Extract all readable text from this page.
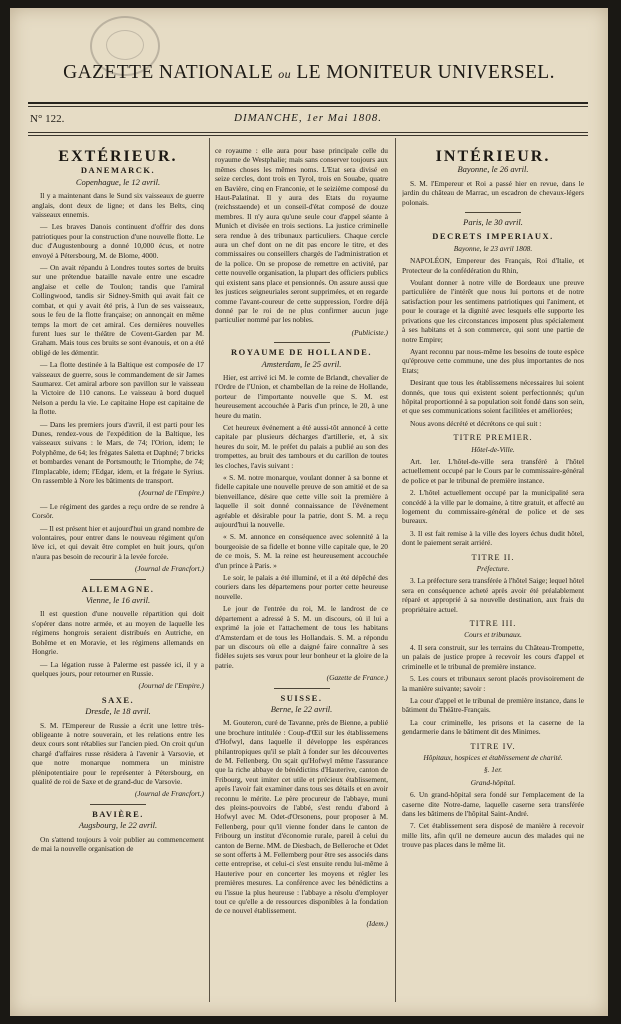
GAZETTE NATIONALE ou LE MONITEUR UNIVERSEL.
N° 122.	DIMANCHE, 1er Mai 1808.
EXTÉRIEUR.
DANEMARCK.
Copenhague, le 12 avril.

Il y a maintenant dans le Sund six vaisseaux de guerre anglais, dont deux de ligne; et dans les Belts, cinq vaisseaux ennemis.

— Les braves Danois continuent d'offrir des dons patriotiques pour la construction d'une nouvelle flotte. Le duc d'Augustenbourg a donné 10,000 écus, et notre envoyé à Pétersbourg, M. de Blome, 4000.

— On avait répandu à Londres toutes sortes de bruits sur une prétendue bataille navale entre une escadre anglaise et celle de Toulon; tandis que l'amiral Collingwood, tandis sir Sidney-Smith qui avait fait ce combat, et qui y avait été pris, à l'un de ses vaisseaux, sous le feu de la flotte française; on annonçait en même temps la mort de cet amiral. Ces dernières nouvelles furent lues sur le théâtre de Covent-Garden par M. Graham. Mais tous ces bruits se sont évanouis, et on a été obligé de les démentir.

— La flotte destinée à la Baltique est composée de 17 vaisseaux de guerre, sous le commandement de sir James Saumarez. Cet amiral arbore son pavillon sur le vaisseau la Victoire de 110 canons. Le vaisseau à bord duquel Nelson a perdu la vie. Le capitaine Hope est capitaine de la flotte.

— Dans les premiers jours d'avril, il est parti pour les Dunes, rendez-vous de l'expédition de la Baltique, les vaisseaux suivans : le Mars, de 74; l'Orion, idem; le Polyphême, de 64; les frégates Saletta et Daphné; 7 bricks et bombardes venant de Portsmouth; le Triomphe, de 74; l'Implacable, idem; l'Edgar, idem, et la frégate le Syrius. On rassemble à Nore les bâtiments de transport.

(Journal de l'Empire.)

— Le régiment des gardes a reçu ordre de se rendre à Corsör.

— Il est présent hier et aujourd'hui un grand nombre de volontaires, pour entrer dans le nouveau régiment qu'on lève ici, et qui devait être complet en huit jours, qu'on n'aura pas besoin de recourir à la levée forcée.

(Journal de Francfort.)
ALLEMAGNE.
Vienne, le 16 avril.

Il est question d'une nouvelle répartition qui doit s'opérer dans notre armée, et au moyen de laquelle les régimens hongrois seraient distribués en Autriche, en Bohême et en Moravie, et les régimens allemands en Hongrie.

— La légation russe à Palerme est passée ici, il y a quelques jours, pour retourner en Russie.

(Journal de l'Empire.)
SAXE.
Dresde, le 18 avril.

S. M. l'Empereur de Russie a écrit une lettre très-obligeante à notre souverain, et les relations entre les deux cours sont rétablies sur l'ancien pied. On croit qu'un chargé d'affaires russe résidera à l'avenir à Varsovie, et que notre monarque nommera un ministre plénipotentiaire pour le représenter à Pétersbourg, en qualité de roi de Saxe et de grand-duc de Varsovie.

(Journal de Francfort.)
BAVIÈRE.
Augsbourg, le 22 avril.

On s'attend toujours à voir publier au commencement de mai la nouvelle organisation de

ce royaume : elle aura pour base principale celle du royaume de Westphalie; mais sans conserver toujours aux mêmes choses les mêmes noms. L'Etat sera divisé en seize cercles, dont trois en Tyrol, trois en Souabe, quatre en Bavière, cinq en Franconie, et le seizième composé du Haut-Palatinat. Il y aura des Etats du royaume (reichsstaende) et un conseil-d'état composé de douze membres. Il n'y aura qu'une seule cour d'appel séante à Munich et divisée en trois sections. La justice criminelle sera rendue à des tribunaux particuliers. Chaque cercle aura un chef dont on ne dit pas encore le titre, et des commissaires ou conseillers chargés de l'administration et de la police. On se propose de remettre en activité, par cette nouvelle organisation, la plupart des officiers publics qui existent sans place et pensionnés. On assure aussi que les justices seigneuriales seront supprimées, et en regarde comme l'avant-coureur de cette suppression, l'ordre déjà donné par le roi de ne plus confirmer aucun juge particulier nommé par les nobles.

(Publiciste.)
ROYAUME DE HOLLANDE.
Amsterdam, le 25 avril.

Hier, est arrivé ici M. le comte de Brlandt, chevalier de l'Ordre de l'Union, et chambellan de la reine de Hollande, porteur de l'importante nouvelle que S. M. est heureusement accouchée à Paris d'un prince, le 20, à une heure du matin.

Cet heureux événement a été aussi-tôt annoncé à cette capitale par plusieurs décharges d'artillerie, et, à six heures du soir, M. le préfet du palais a publié au son des trompettes, au bruit des tambours et du carillon de toutes les cloches, l'avis suivant :

« S. M. notre monarque, voulant donner à sa bonne et fidelle capitale une nouvelle preuve de son amitié et de sa bienveillance, désire que cette ville soit la première à laquelle il soit donné connaissance de l'événement agréable et désirable pour la patrie, dont S. M. a reçu aujourd'hui la nouvelle.

« S. M. annonce en conséquence avec solennité à la bourgeoisie de sa fidelle et bonne ville capitale que, le 20 de ce mois, S. M. la reine est heureusement accouchée d'un prince à Paris. »

Le soir, le palais a été illuminé, et il a été dépêché des couriers dans les départemens pour porter cette heureuse nouvelle.

Le jour de l'entrée du roi, M. le landrost de ce département a adressé à S. M. un discours, où il lui a exprimé la joie et l'attachement de tous les habitans d'Amsterdam et de tous les Hollandais. S. M. a répondu par un discours où elle a daigné faire connaître à ses fidèles sujets ses vœux pour leur bonheur et la gloire de la patrie.

(Gazette de France.)
SUISSE.
Berne, le 22 avril.

M. Gouteron, curé de Tavanne, près de Bienne, a publié une brochure intitulée : Coup-d'Œil sur les établissemens d'Hofwyl, dans laquelle il développe les espérances philantropiques qu'il se plaît à fonder sur les découvertes de M. Fellenberg. On sçait qu'Hofwyl même l'assurance que la riche abbaye de bénédictins d'Hauterive, canton de Fribourg, veut imiter cet utile et précieux établissement, après l'avoir fait examiner dans tous ses détails et en avoir reconnu le mérite. Le père procureur de l'abbaye, muni des pleins-pouvoirs de l'abbé, s'est rendu d'abord à Hofwyl avec M. Odet-d'Orsonens, pour proposer à M. Fellenberg, pour qu'il vienne fonder dans le canton de Fribourg un institut d'économie rurale, pareil à celui du canton de Berne. MM. de Diesbach, de Belleroche et Odet se sont offerts à M. Fellemberg pour être ses associés dans cette entreprise, et celui-ci s'est ensuite rendu lui-même à Hauterive pour en concerter les moyens et régler les premières mesures. La conférence avec les bénédictins a eu l'issue la plus heureuse : l'abbaye a résolu d'employer tout ce qu'elle a de ressources disponibles à la fondation de ce nouvel établissement.

(Idem.)
INTÉRIEUR.
Bayonne, le 26 avril.

S. M. l'Empereur et Roi a passé hier en revue, dans le jardin du château de Marrac, un escadron de chevaux-légers polonais.

Paris, le 30 avril.
DECRETS IMPERIAUX.
Bayonne, le 23 avril 1808.

NAPOLÉON, Empereur des Français, Roi d'Italie, et Protecteur de la confédération du Rhin,

Voulant donner à notre ville de Bordeaux une preuve particulière de l'intérêt que nous lui portons et de notre satisfaction pour les sentimens patriotiques qui l'animent, et pour le courage et la dignité avec lesquels elle supporte les privations que les circonstances imposent plus spécialement à ses habitans et à son commerce, qui sont une partie de notre Empire;

Ayant reconnu par nous-même les besoins de toute espèce qu'éprouve cette commune, une des plus importantes de nos Etats;

Desirant que tous les établissemens nécessaires lui soient donnés, que tous qui existent soient perfectionnés; qu'un hôpital proportionné à sa population soit fondé dans son sein, et que ses communications soient facilitées et améliorées;

Nous avons décrété et décrétons ce qui suit :

TITRE PREMIER.
Hôtel-de-Ville.

Art. 1er. L'hôtel-de-ville sera transféré à l'hôtel actuellement occupé par le Cours par le commissaire-général de police et par le tribunal de première instance.

2. L'hôtel actuellement occupé par la municipalité sera concédé à la ville par le domaine, à titre gratuit, et affecté au logement du commissaire-général de police et de ses bureaux.

3. Il est fait remise à la ville des loyers échus dudit hôtel, dont le paiement serait arriéré.

TITRE II.
Préfecture.

3. La préfecture sera transférée à l'hôtel Saige; lequel hôtel sera en conséquence acheté après avoir été préalablement réparé et approprié à sa nouvelle destination, aux frais du propriétaire actuel.

TITRE III.
Cours et tribunaux.

4. Il sera construit, sur les terrains du Château-Trompette, un palais de justice propre à recevoir les cours d'appel et criminelle et le tribunal de première instance.

5. Les cours et tribunaux seront placés provisoirement de la manière suivante; savoir :

La cour d'appel et le tribunal de première instance, dans le bâtiment du Théâtre-Français.

La cour criminelle, les prisons et la caserne de la gendarmerie dans le bâtiment dit des Minimes.

TITRE IV.
Hôpitaux, hospices et établissement de charité.
§. 1er.
Grand-hôpital.

6. Un grand-hôpital sera fondé sur l'emplacement de la caserne dite Notre-dame, laquelle caserne sera transférée dans les bâtimens de l'hôpital Saint-André.

7. Cet établissement sera disposé de manière à recevoir mille lits, afin qu'il ne demeure aucun des malades qui ne trouve pas places dans le même lit.
